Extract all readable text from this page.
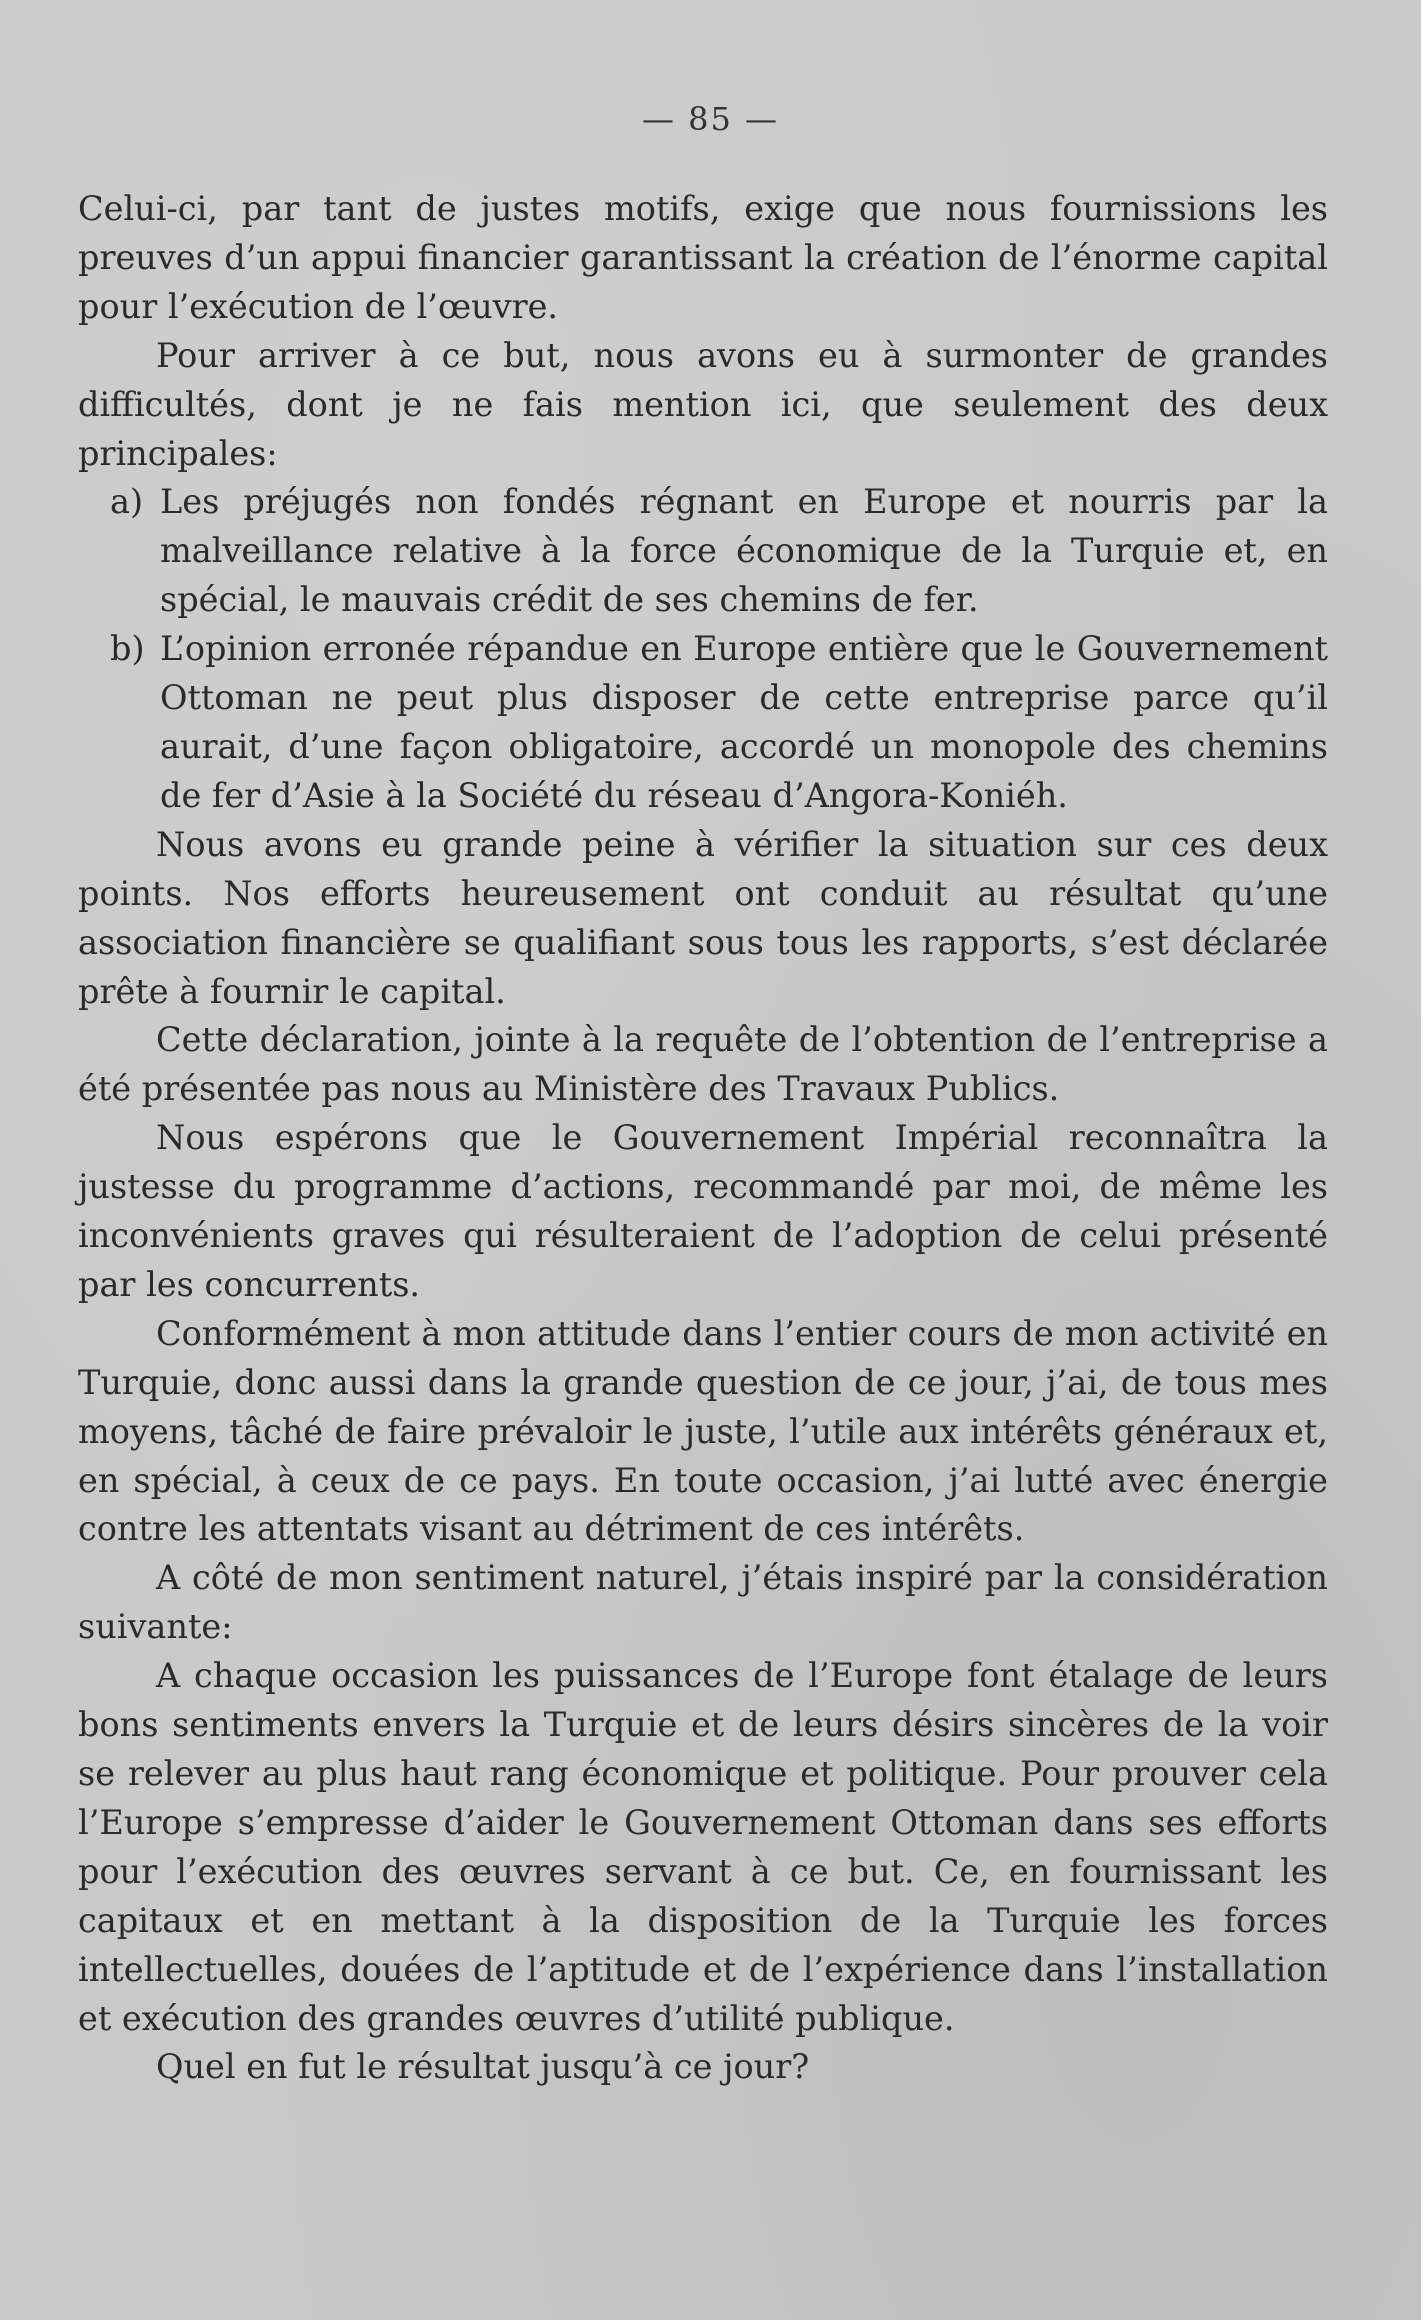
— 85 —

Celui-ci, par tant de justes motifs, exige que nous fournissions les preuves d’un appui financier garantissant la création de l’énorme capital pour l’exécution de l’œuvre.

Pour arriver à ce but, nous avons eu à surmonter de grandes difficultés, dont je ne fais mention ici, que seulement des deux principales:

a) Les préjugés non fondés régnant en Europe et nourris par la malveillance relative à la force économique de la Turquie et, en spécial, le mauvais crédit de ses chemins de fer.

b) L’opinion erronée répandue en Europe entière que le Gouvernement Ottoman ne peut plus disposer de cette entreprise parce qu’il aurait, d’une façon obligatoire, accordé un monopole des chemins de fer d’Asie à la Société du réseau d’Angora-Koniéh.

Nous avons eu grande peine à vérifier la situation sur ces deux points. Nos efforts heureusement ont conduit au résultat qu’une association financière se qualifiant sous tous les rapports, s’est déclarée prête à fournir le capital.

Cette déclaration, jointe à la requête de l’obtention de l’entreprise a été présentée pas nous au Ministère des Travaux Publics.

Nous espérons que le Gouvernement Impérial reconnaîtra la justesse du programme d’actions, recommandé par moi, de même les inconvénients graves qui résulteraient de l’adoption de celui présenté par les concurrents.

Conformément à mon attitude dans l’entier cours de mon activité en Turquie, donc aussi dans la grande question de ce jour, j’ai, de tous mes moyens, tâché de faire prévaloir le juste, l’utile aux intérêts généraux et, en spécial, à ceux de ce pays. En toute occasion, j’ai lutté avec énergie contre les attentats visant au détriment de ces intérêts.

A côté de mon sentiment naturel, j’étais inspiré par la considération suivante:

A chaque occasion les puissances de l’Europe font étalage de leurs bons sentiments envers la Turquie et de leurs désirs sincères de la voir se relever au plus haut rang économique et politique. Pour prouver cela l’Europe s’empresse d’aider le Gouvernement Ottoman dans ses efforts pour l’exécution des œuvres servant à ce but. Ce, en fournissant les capitaux et en mettant à la disposition de la Turquie les forces intellectuelles, douées de l’aptitude et de l’expérience dans l’installation et exécution des grandes œuvres d’utilité publique.

Quel en fut le résultat jusqu’à ce jour?
